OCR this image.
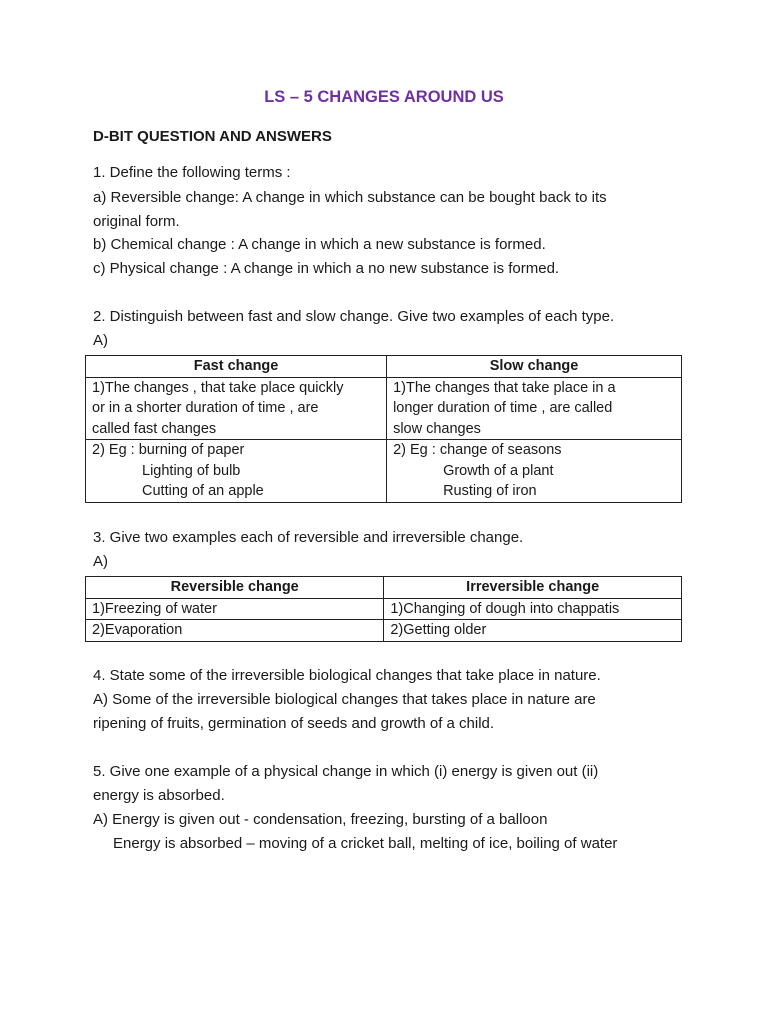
LS – 5 CHANGES AROUND US
D-BIT QUESTION AND ANSWERS
1. Define the following terms :
a) Reversible change: A change in which substance can be bought back to its
original form.
b) Chemical change : A change in which a new substance is formed.
c) Physical change : A change in which a no new substance is formed.
2. Distinguish between fast and slow change. Give two examples of each type.
A)
Fast change	Slow change

1)The changes , that take place quickly
or in a shorter duration of time , are
called fast changes	1)The changes that take place in a
longer duration of time , are called
slow changes

2) Eg : burning of paper
Lighting of bulb
Cutting of an apple	2) Eg : change of seasons
Growth of a plant
Rusting of iron
3. Give two examples each of reversible and irreversible change.
A)
Reversible change	Irreversible change
1)Freezing of water	1)Changing of dough into chappatis
2)Evaporation	2)Getting older
4. State some of the irreversible biological changes that take place in nature.
A) Some of the irreversible biological changes that takes place in nature are
ripening of fruits, germination of seeds and growth of a child.
5. Give one example of a physical change in which (i) energy is given out (ii)
energy is absorbed.
A) Energy is given out - condensation, freezing, bursting of a balloon
Energy is absorbed – moving of a cricket ball, melting of ice, boiling of water
